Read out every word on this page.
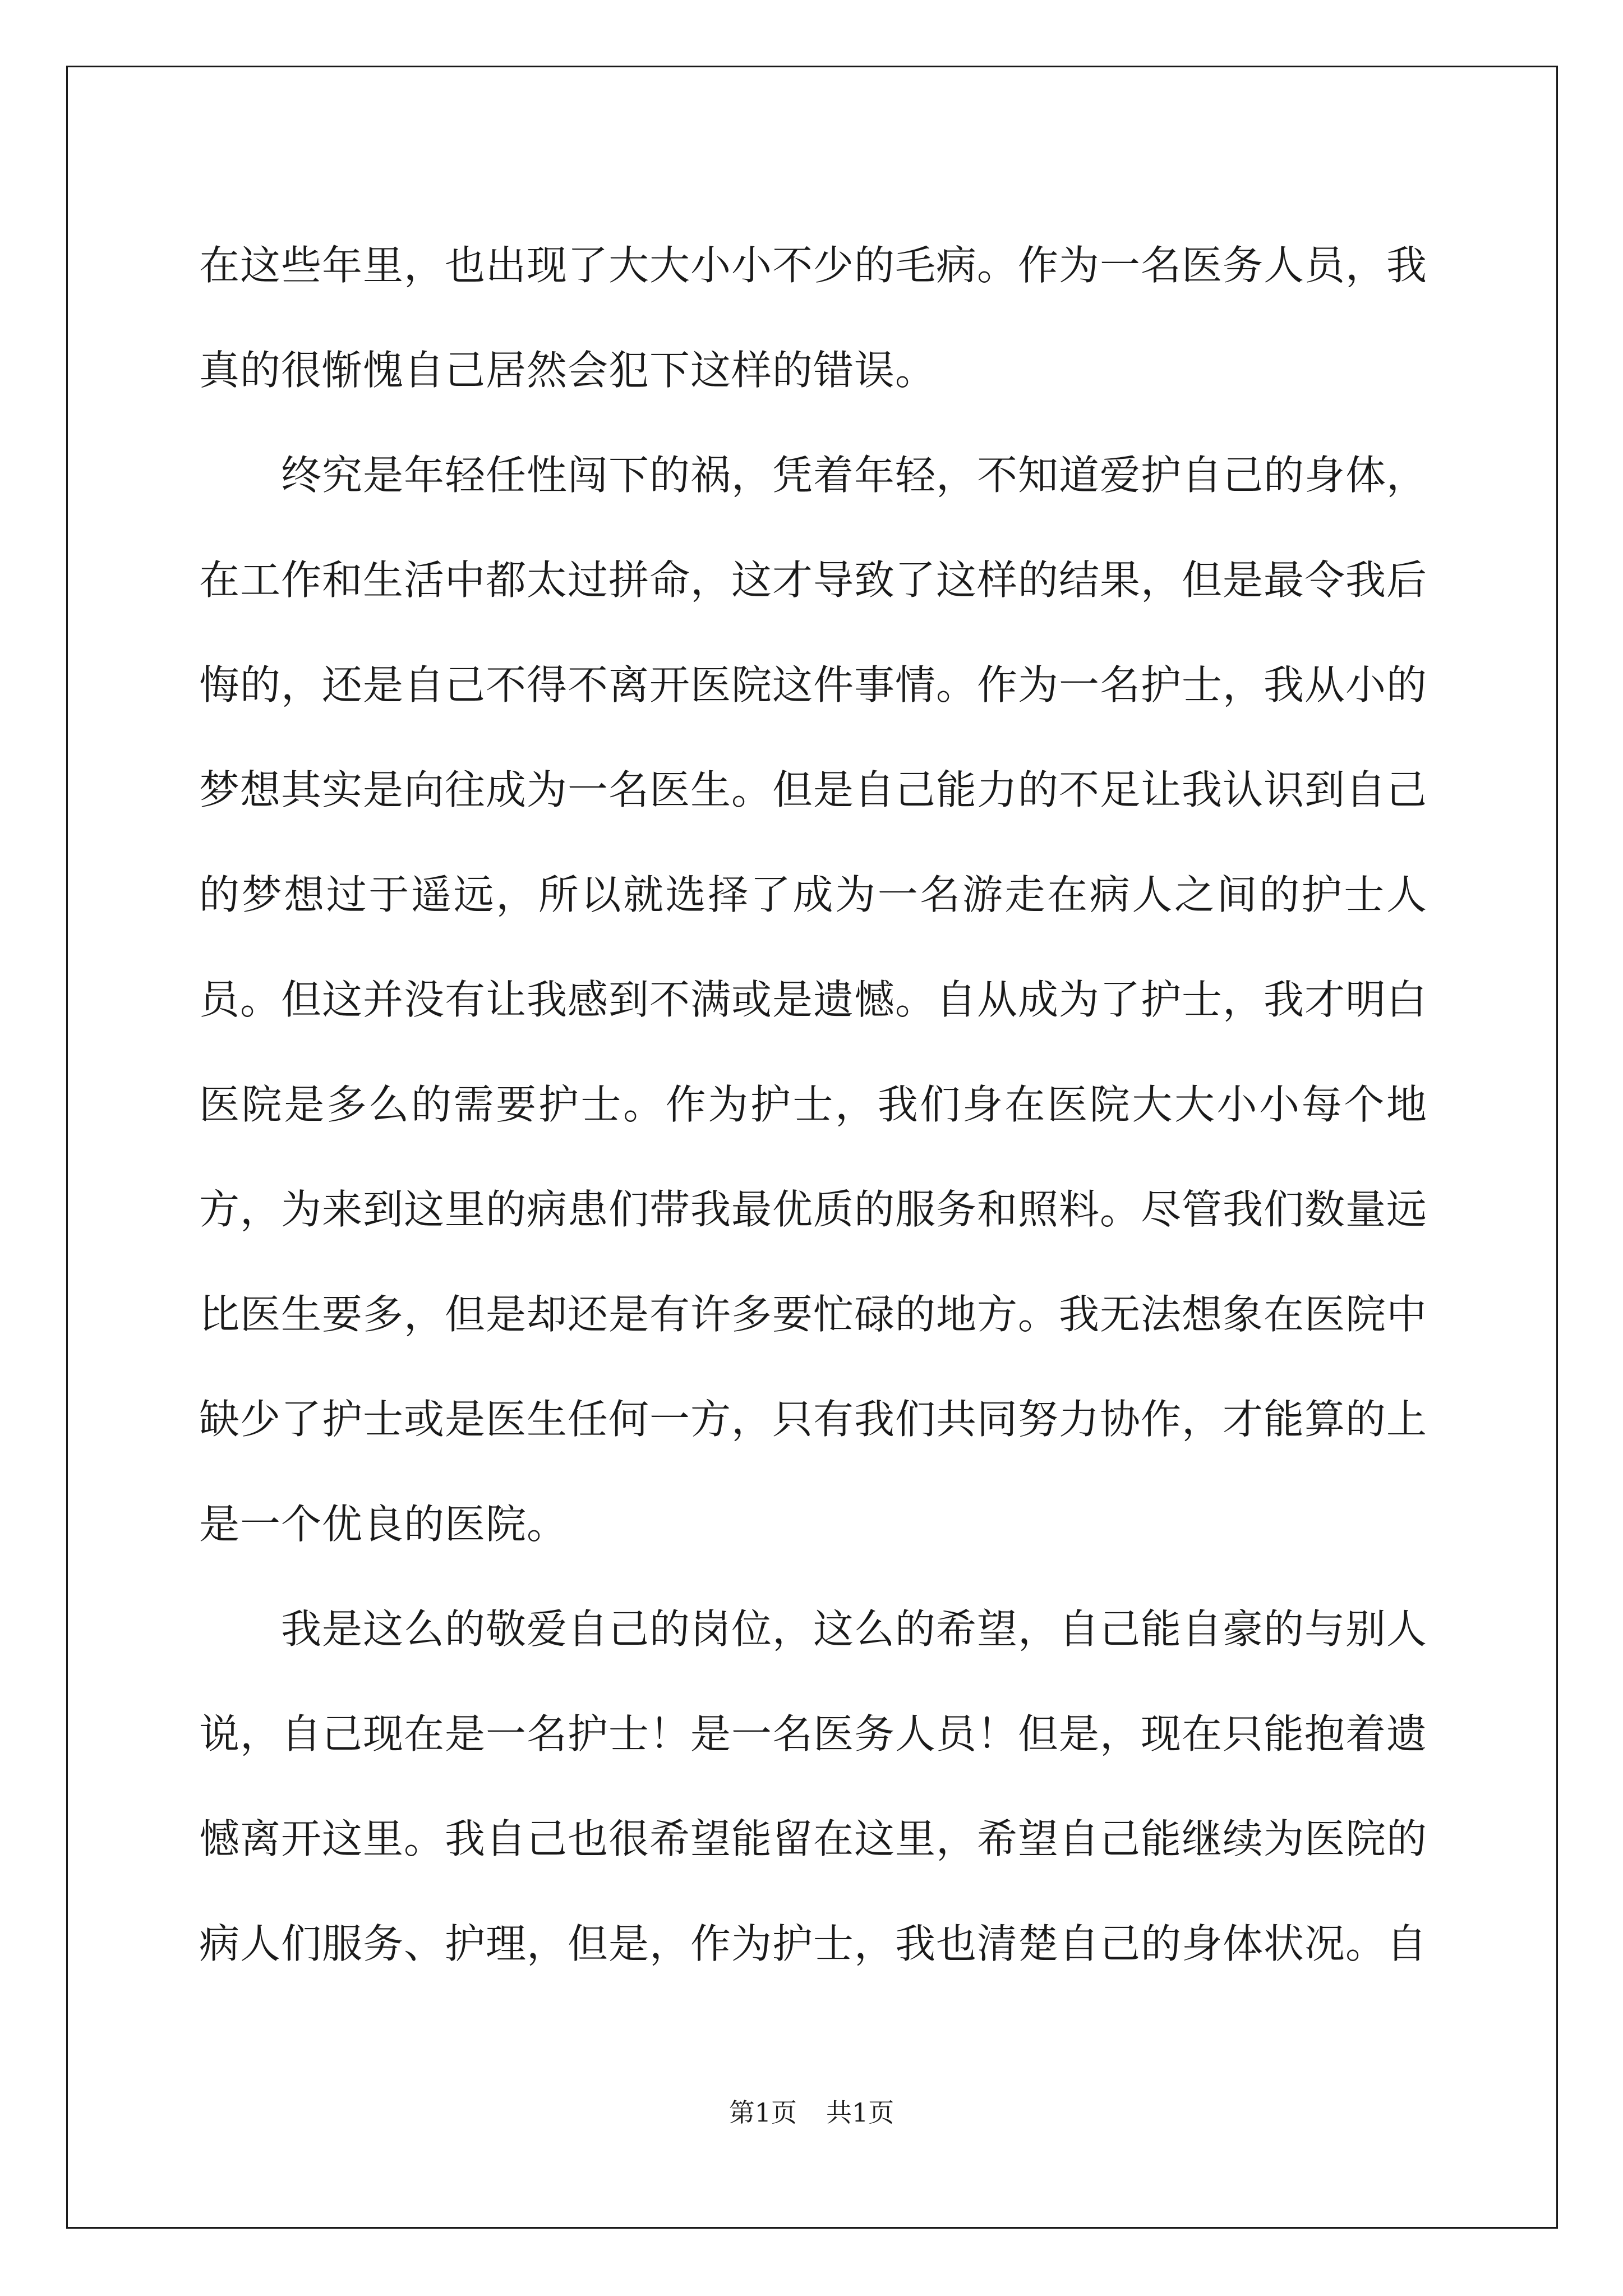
在这些年里，也出现了大大小小不少的毛病。作为一名医务人员，我真的很惭愧自己居然会犯下这样的错误。

终究是年轻任性闯下的祸，凭着年轻，不知道爱护自己的身体，在工作和生活中都太过拼命，这才导致了这样的结果，但是最令我后悔的，还是自己不得不离开医院这件事情。作为一名护士，我从小的梦想其实是向往成为一名医生。但是自己能力的不足让我认识到自己的梦想过于遥远，所以就选择了成为一名游走在病人之间的护士人员。但这并没有让我感到不满或是遗憾。自从成为了护士，我才明白医院是多么的需要护士。作为护士，我们身在医院大大小小每个地方，为来到这里的病患们带我最优质的服务和照料。尽管我们数量远比医生要多，但是却还是有许多要忙碌的地方。我无法想象在医院中缺少了护士或是医生任何一方，只有我们共同努力协作，才能算的上是一个优良的医院。

我是这么的敬爱自己的岗位，这么的希望，自己能自豪的与别人说，自己现在是一名护士！是一名医务人员！但是，现在只能抱着遗憾离开这里。我自己也很希望能留在这里，希望自己能继续为医院的病人们服务、护理，但是，作为护士，我也清楚自己的身体状况。自

第1页 共1页
